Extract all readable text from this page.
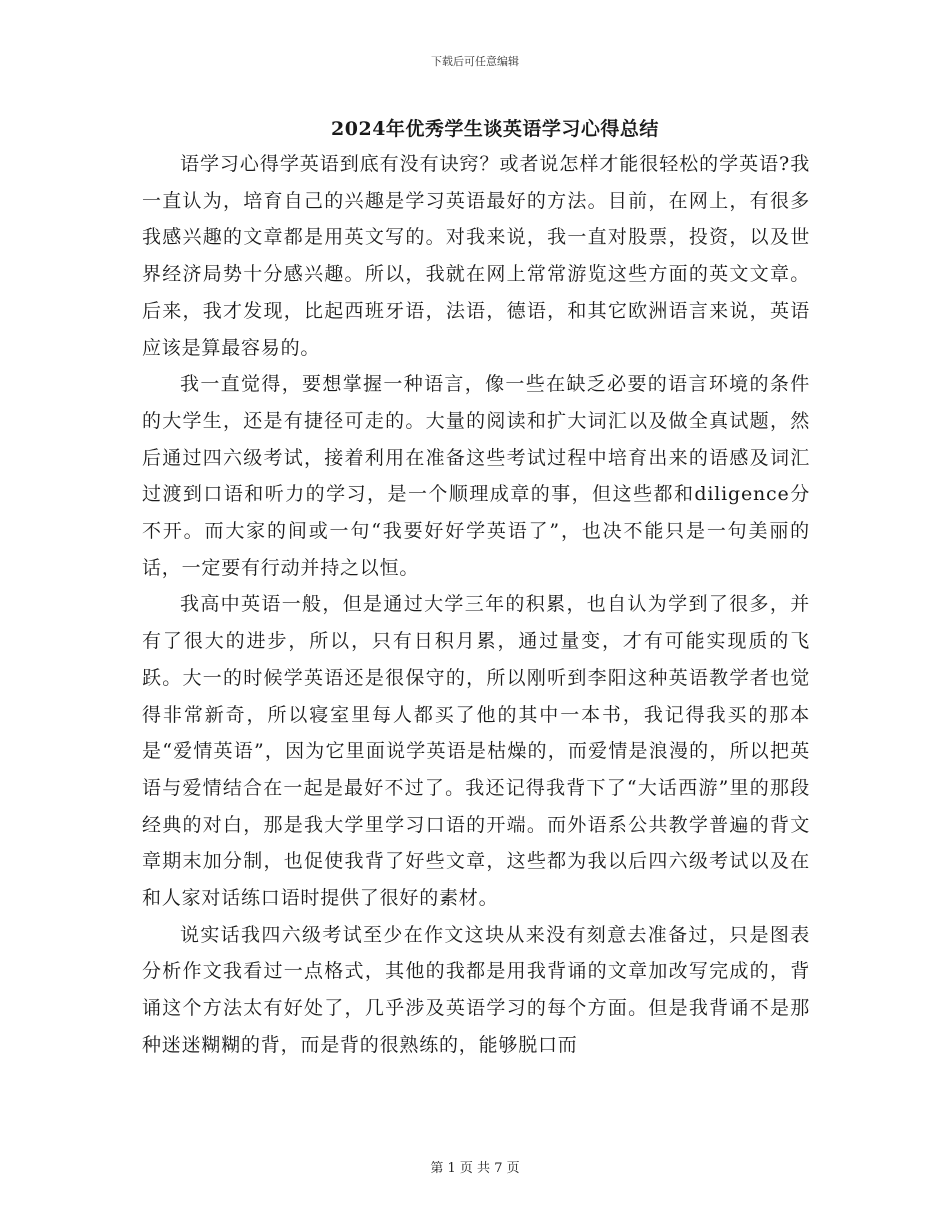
下载后可任意编辑
2024年优秀学生谈英语学习心得总结

语学习心得学英语到底有没有诀窍？或者说怎样才能很轻松的学英语?我一直认为，培育自己的兴趣是学习英语最好的方法。目前，在网上，有很多我感兴趣的文章都是用英文写的。对我来说，我一直对股票，投资，以及世界经济局势十分感兴趣。所以，我就在网上常常游览这些方面的英文文章。后来，我才发现，比起西班牙语，法语，德语，和其它欧洲语言来说，英语应该是算最容易的。

我一直觉得，要想掌握一种语言，像一些在缺乏必要的语言环境的条件的大学生，还是有捷径可走的。大量的阅读和扩大词汇以及做全真试题，然后通过四六级考试，接着利用在准备这些考试过程中培育出来的语感及词汇过渡到口语和听力的学习，是一个顺理成章的事，但这些都和diligence分不开。而大家的间或一句“我要好好学英语了”，也决不能只是一句美丽的话，一定要有行动并持之以恒。

我高中英语一般，但是通过大学三年的积累，也自认为学到了很多，并有了很大的进步，所以，只有日积月累，通过量变，才有可能实现质的飞跃。大一的时候学英语还是很保守的，所以刚听到李阳这种英语教学者也觉得非常新奇，所以寝室里每人都买了他的其中一本书，我记得我买的那本是“爱情英语”，因为它里面说学英语是枯燥的，而爱情是浪漫的，所以把英语与爱情结合在一起是最好不过了。我还记得我背下了“大话西游”里的那段经典的对白，那是我大学里学习口语的开端。而外语系公共教学普遍的背文章期末加分制，也促使我背了好些文章，这些都为我以后四六级考试以及在和人家对话练口语时提供了很好的素材。

说实话我四六级考试至少在作文这块从来没有刻意去准备过，只是图表分析作文我看过一点格式，其他的我都是用我背诵的文章加改写完成的，背诵这个方法太有好处了，几乎涉及英语学习的每个方面。但是我背诵不是那种迷迷糊糊的背，而是背的很熟练的，能够脱口而

第 1 页 共 7 页
